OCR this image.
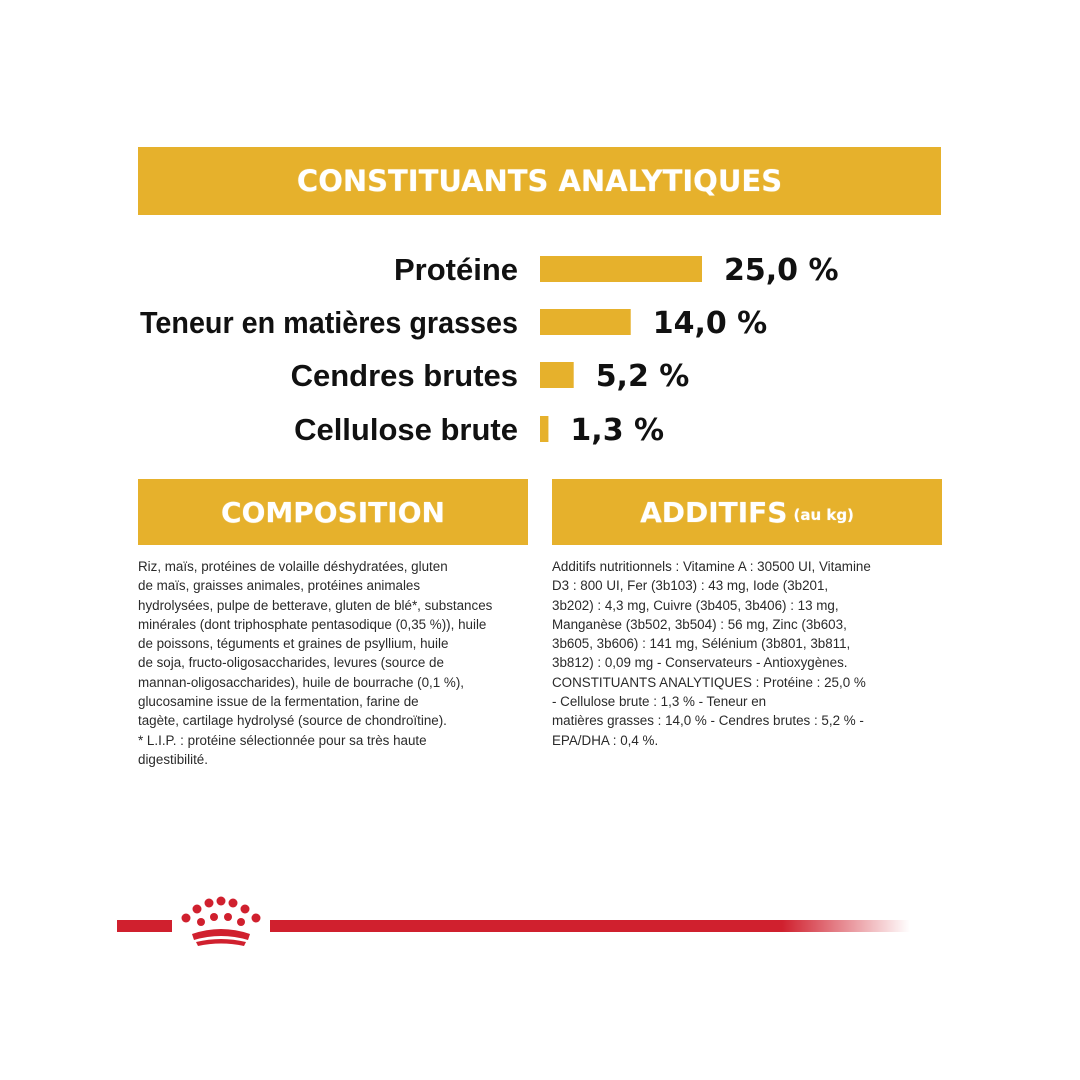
CONSTITUANTS ANALYTIQUES
Protéine	25,0 %
Teneur en matières grasses	14,0 %
Cendres brutes	5,2 %
Cellulose brute 1,3 %
COMPOSITION	ADDITIFS (au kg)
Riz, maïs, protéines de volaille déshydratées, gluten
de maïs, graisses animales, protéines animales
hydrolysées, pulpe de betterave, gluten de blé*, substances
minérales (dont triphosphate pentasodique (0,35 %)), huile
de poissons, téguments et graines de psyllium, huile
de soja, fructo-oligosaccharides, levures (source de
mannan-oligosaccharides), huile de bourrache (0,1 %),
glucosamine issue de la fermentation, farine de
tagète, cartilage hydrolysé (source de chondroïtine).
* L.I.P. : protéine sélectionnée pour sa très haute
digestibilité.
Additifs nutritionnels : Vitamine A : 30500 UI, Vitamine
D3 : 800 UI, Fer (3b103) : 43 mg, Iode (3b201,
3b202) : 4,3 mg, Cuivre (3b405, 3b406) : 13 mg,
Manganèse (3b502, 3b504) : 56 mg, Zinc (3b603,
3b605, 3b606) : 141 mg, Sélénium (3b801, 3b811,
3b812) : 0,09 mg - Conservateurs - Antioxygènes.
CONSTITUANTS ANALYTIQUES : Protéine : 25,0 %
- Cellulose brute : 1,3 % - Teneur en
matières grasses : 14,0 % - Cendres brutes : 5,2 % -
EPA/DHA : 0,4 %.
